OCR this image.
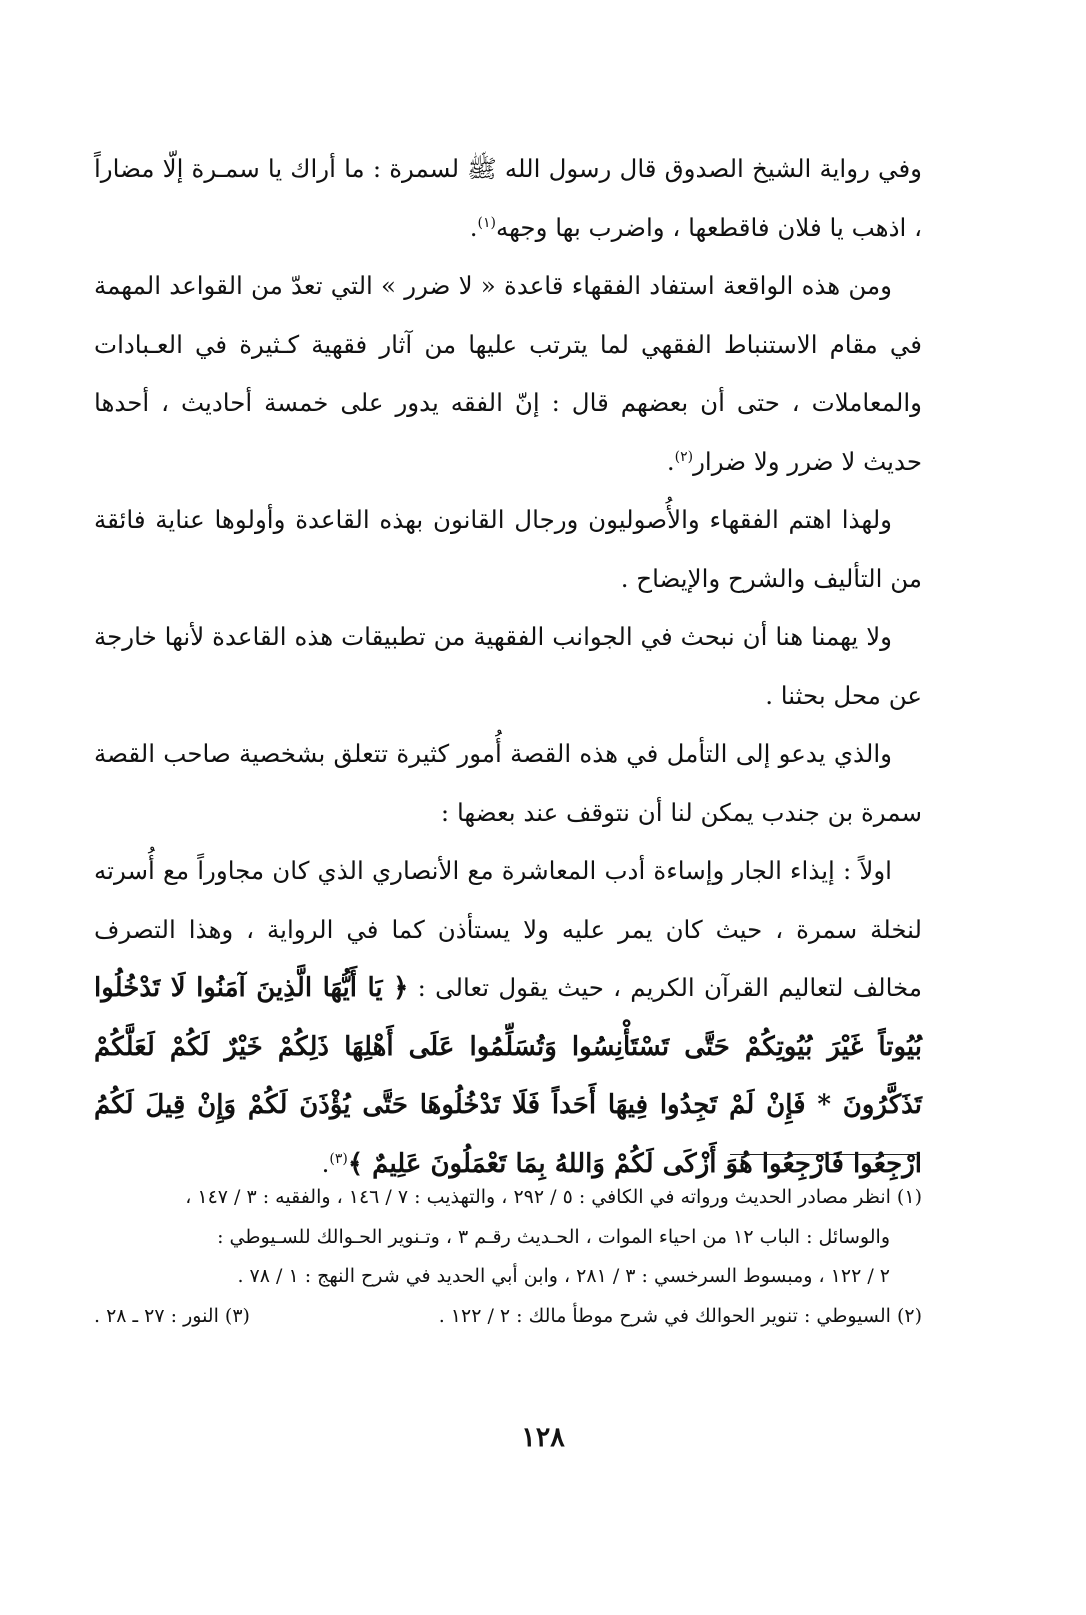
وفي رواية الشيخ الصدوق قال رسول الله ﷺ لسمرة : ما أراك يا سمـرة إلّا مضاراً ، اذهب يا فلان فاقطعها ، واضرب بها وجهه$^{(١)}$.

ومن هذه الواقعة استفاد الفقهاء قاعدة « لا ضرر » التي تعدّ من القواعد المهمة في مقام الاستنباط الفقهي لما يترتب عليها من آثار فقهية كـثيرة في العـبادات والمعاملات ، حتى أن بعضهم قال : إنّ الفقه يدور على خمسة أحاديث ، أحدها حديث لا ضرر ولا ضرار$^{(٢)}$.

ولهذا اهتم الفقهاء والأُصوليون ورجال القانون بهذه القاعدة وأولوها عناية فائقة من التأليف والشرح والإيضاح .

ولا يهمنا هنا أن نبحث في الجوانب الفقهية من تطبيقات هذه القاعدة لأنها خارجة عن محل بحثنا .

والذي يدعو إلى التأمل في هذه القصة أُمور كثيرة تتعلق بشخصية صاحب القصة سمرة بن جندب يمكن لنا أن نتوقف عند بعضها :

اولاً : إيذاء الجار وإساءة أدب المعاشرة مع الأنصاري الذي كان مجاوراً مع أُسرته لنخلة سمرة ، حيث كان يمر عليه ولا يستأذن كما في الرواية ، وهذا التصرف مخالف لتعاليم القرآن الكريم ، حيث يقول تعالى : ﴿ يَا أَيُّهَا الَّذِينَ آمَنُوا لَا تَدْخُلُوا بُيُوتاً غَيْرَ بُيُوتِكُمْ حَتَّى تَسْتَأْنِسُوا وَتُسَلِّمُوا عَلَى أَهْلِهَا ذَلِكُمْ خَيْرٌ لَكُمْ لَعَلَّكُمْ تَذَكَّرُونَ * فَإِنْ لَمْ تَجِدُوا فِيهَا أَحَداً فَلَا تَدْخُلُوهَا حَتَّى يُؤْذَنَ لَكُمْ وَإِنْ قِيلَ لَكُمُ ارْجِعُوا فَارْجِعُوا هُوَ أَزْكَى لَكُمْ وَاللهُ بِمَا تَعْمَلُونَ عَلِيمٌ ﴾$^{(٣)}$.

(١) انظر مصادر الحديث ورواته في الكافي : ٥ / ٢٩٢ ، والتهذيب : ٧ / ١٤٦ ، والفقيه : ٣ / ١٤٧ ،

والوسائل : الباب ١٢ من احياء الموات ، الحـديث رقـم ٣ ، وتـنوير الحـوالك للسـيوطي :

٢ / ١٢٢ ، ومبسوط السرخسي : ٣ / ٢٨١ ، وابن أبي الحديد في شرح النهج : ١ / ٧٨ .

(٢) السيوطي : تنوير الحوالك في شرح موطأ مالك : ٢ / ١٢٢ .

(٣) النور : ٢٧ ـ ٢٨ .

١٢٨
